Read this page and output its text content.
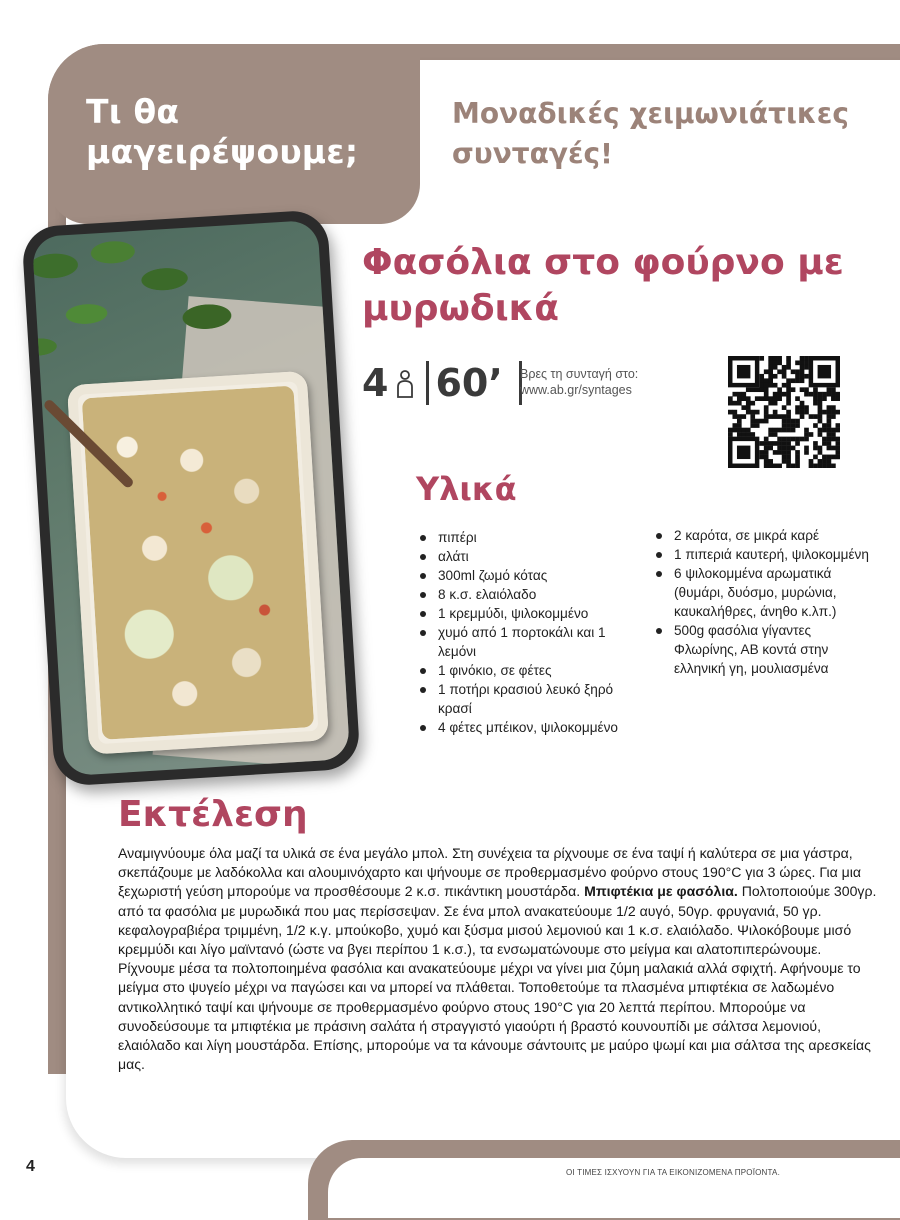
Τι θα μαγειρέψουμε;
Μοναδικές χειμωνιάτικες συνταγές!
Φασόλια στο φούρνο με μυρωδικά
4 60’ Βρες τη συνταγή στο:
www.ab.gr/syntages
Υλικά
πιπέρι
αλάτι
300ml ζωμό κότας
8 κ.σ. ελαιόλαδο
1 κρεμμύδι, ψιλοκομμένο
χυμό από 1 πορτοκάλι και 1 λεμόνι
1 φινόκιο, σε φέτες
1 ποτήρι κρασιού λευκό ξηρό κρασί
4 φέτες μπέικον, ψιλοκομμένο
2 καρότα, σε μικρά καρέ
1 πιπεριά καυτερή, ψιλοκομμένη
6 ψιλοκομμένα αρωματικά (θυμάρι, δυόσμο, μυρώνια, καυκαλήθρες, άνηθο κ.λπ.)
500g φασόλια γίγαντες Φλωρίνης, ΑΒ κοντά στην ελληνική γη, μουλιασμένα
Εκτέλεση
Αναμιγνύουμε όλα μαζί τα υλικά σε ένα μεγάλο μπολ. Στη συνέχεια τα ρίχνουμε σε ένα ταψί ή καλύτερα σε μια γάστρα, σκεπάζουμε με λαδόκολλα και αλουμινόχαρτο και ψήνουμε σε προθερμασμένο φούρνο στους 190°C για 3 ώρες. Για μια ξεχωριστή γεύση μπορούμε να προσθέσουμε 2 κ.σ. πικάντικη μουστάρδα. Μπιφτέκια με φασόλια. Πολτοποιούμε 300γρ. από τα φασόλια με μυρωδικά που μας περίσσεψαν. Σε ένα μπολ ανακατεύουμε 1/2 αυγό, 50γρ. φρυγανιά, 50 γρ. κεφαλογραβιέρα τριμμένη, 1/2 κ.γ. μπούκοβο, χυμό και ξύσμα μισού λεμονιού και 1 κ.σ. ελαιόλαδο. Ψιλοκόβουμε μισό κρεμμύδι και λίγο μαϊντανό (ώστε να βγει περίπου 1 κ.σ.), τα ενσωματώνουμε στο μείγμα και αλατοπιπερώνουμε. Ρίχνουμε μέσα τα πολτοποιημένα φασόλια και ανακατεύουμε μέχρι να γίνει μια ζύμη μαλακιά αλλά σφιχτή. Αφήνουμε το μείγμα στο ψυγείο μέχρι να παγώσει και να μπορεί να πλάθεται. Τοποθετούμε τα πλασμένα μπιφτέκια σε λαδωμένο αντικολλητικό ταψί και ψήνουμε σε προθερμασμένο φούρνο στους 190°C για 20 λεπτά περίπου. Μπορούμε να συνοδεύσουμε τα μπιφτέκια με πράσινη σαλάτα ή στραγγιστό γιαούρτι ή βραστό κουνουπίδι με σάλτσα λεμονιού, ελαιόλαδο και λίγη μουστάρδα. Επίσης, μπορούμε να τα κάνουμε σάντουιτς με μαύρο ψωμί και μια σάλτσα της αρεσκείας μας.
4	ΟΙ ΤΙΜΕΣ ΙΣΧΥΟΥΝ ΓΙΑ ΤΑ ΕΙΚΟΝΙΖΟΜΕΝΑ ΠΡΟΪΟΝΤΑ.
